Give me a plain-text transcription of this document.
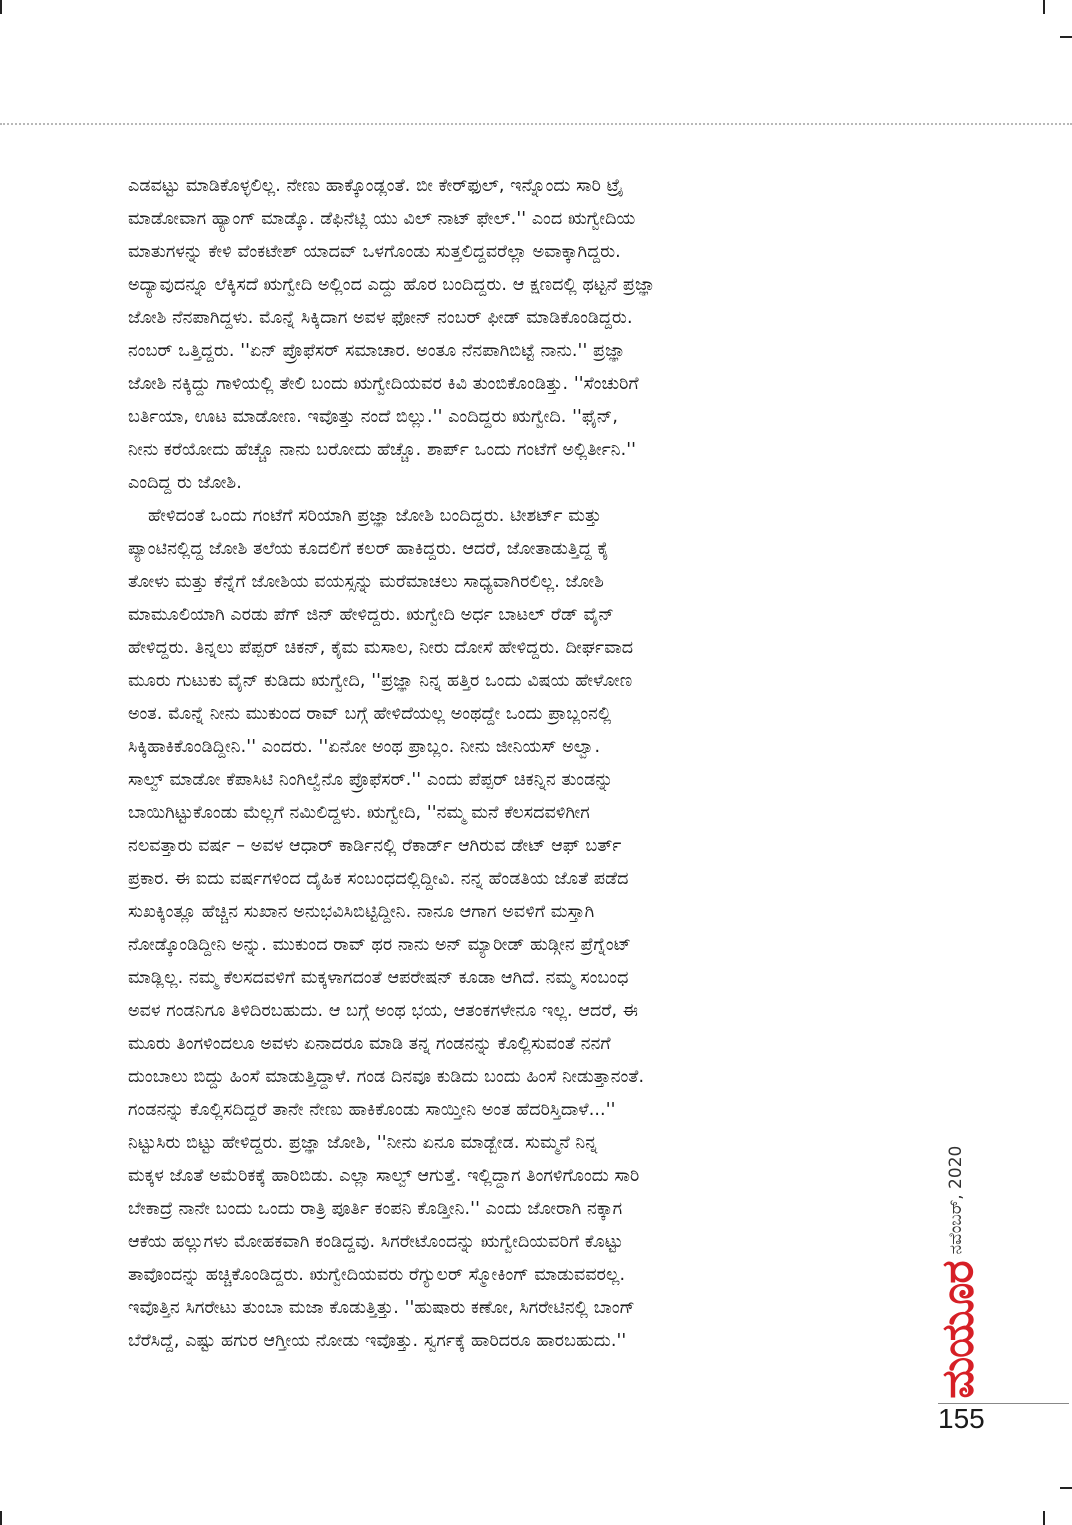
ಎಡವಟ್ಟು ಮಾಡಿಕೊಳ್ಳಲಿಲ್ಲ. ನೇಣು ಹಾಕ್ಕೊಂಡ್ಲಂತೆ. ಬೀ ಕೇರ್‌ಫುಲ್, ಇನ್ನೊಂದು ಸಾರಿ ಟ್ರೈ
ಮಾಡೋವಾಗ ಹ್ಯಾಂಗ್ ಮಾಡ್ಕೊ. ಡೆಫಿನೆಟ್ಲಿ ಯು ವಿಲ್ ನಾಟ್ ಫೇಲ್.'' ಎಂದ ಋಗ್ವೇದಿಯ
ಮಾತುಗಳನ್ನು ಕೇಳಿ ವೆಂಕಟೇಶ್ ಯಾದವ್ ಒಳಗೊಂಡು ಸುತ್ತಲಿದ್ದವರೆಲ್ಲಾ ಅವಾಕ್ಕಾಗಿದ್ದರು.
ಅದ್ಯಾವುದನ್ನೂ ಲೆಕ್ಕಿಸದೆ ಋಗ್ವೇದಿ ಅಲ್ಲಿಂದ ಎದ್ದು ಹೊರ ಬಂದಿದ್ದರು. ಆ ಕ್ಷಣದಲ್ಲಿ ಥಟ್ಟನೆ ಪ್ರಜ್ಞಾ
ಜೋಶಿ ನೆನಪಾಗಿದ್ದಳು. ಮೊನ್ನೆ ಸಿಕ್ಕಿದಾಗ ಅವಳ ಫೋನ್ ನಂಬರ್ ಫೀಡ್ ಮಾಡಿಕೊಂಡಿದ್ದರು.
ನಂಬರ್ ಒತ್ತಿದ್ದರು. ''ಏನ್ ಪ್ರೊಫೆಸರ್ ಸಮಾಚಾರ. ಅಂತೂ ನೆನಪಾಗಿಬಿಟ್ಟೆ ನಾನು.'' ಪ್ರಜ್ಞಾ
ಜೋಶಿ ನಕ್ಕಿದ್ದು ಗಾಳಿಯಲ್ಲಿ ತೇಲಿ ಬಂದು ಋಗ್ವೇದಿಯವರ ಕಿವಿ ತುಂಬಿಕೊಂಡಿತ್ತು. ''ಸೆಂಚುರಿಗೆ
ಬರ್ತಿಯಾ, ಊಟ ಮಾಡೋಣ. ಇವೊತ್ತು ನಂದೆ ಬಿಲ್ಲು.'' ಎಂದಿದ್ದರು ಋಗ್ವೇದಿ. ''ಫೈನ್,
ನೀನು ಕರೆಯೋದು ಹೆಚ್ಚೊ ನಾನು ಬರೋದು ಹೆಚ್ಚೊ. ಶಾರ್ಪ್ ಒಂದು ಗಂಟೆಗೆ ಅಲ್ಲಿರ್ತೀನಿ.''
ಎಂದಿದ್ದ ರು ಜೋಶಿ.
ಹೇಳಿದಂತೆ ಒಂದು ಗಂಟೆಗೆ ಸರಿಯಾಗಿ ಪ್ರಜ್ಞಾ ಜೋಶಿ ಬಂದಿದ್ದರು. ಟೀಶರ್ಟ್ ಮತ್ತು
ಪ್ಯಾಂಟಿನಲ್ಲಿದ್ದ ಜೋಶಿ ತಲೆಯ ಕೂದಲಿಗೆ ಕಲರ್ ಹಾಕಿದ್ದರು. ಆದರೆ, ಜೋತಾಡುತ್ತಿದ್ದ ಕೈ
ತೋಳು ಮತ್ತು ಕೆನ್ನೆಗೆ ಜೋಶಿಯ ವಯಸ್ಸನ್ನು ಮರೆಮಾಚಲು ಸಾಧ್ಯವಾಗಿರಲಿಲ್ಲ. ಜೋಶಿ
ಮಾಮೂಲಿಯಾಗಿ ಎರಡು ಪೆಗ್ ಜಿನ್ ಹೇಳಿದ್ದರು. ಋಗ್ವೇದಿ ಅರ್ಧ ಬಾಟಲ್ ರೆಡ್ ವೈನ್
ಹೇಳಿದ್ದರು. ತಿನ್ನಲು ಪೆಪ್ಪರ್ ಚಿಕನ್, ಕೈಮ ಮಸಾಲ, ನೀರು ದೋಸೆ ಹೇಳಿದ್ದರು. ದೀರ್ಘವಾದ
ಮೂರು ಗುಟುಕು ವೈನ್ ಕುಡಿದು ಋಗ್ವೇದಿ, ''ಪ್ರಜ್ಞಾ ನಿನ್ನ ಹತ್ತಿರ ಒಂದು ವಿಷಯ ಹೇಳೋಣ
ಅಂತ. ಮೊನ್ನೆ ನೀನು ಮುಕುಂದ ರಾವ್ ಬಗ್ಗೆ ಹೇಳಿದೆಯಲ್ಲ ಅಂಥದ್ದೇ ಒಂದು ಪ್ರಾಬ್ಲಂನಲ್ಲಿ
ಸಿಕ್ಕಿಹಾಕಿಕೊಂಡಿದ್ದೀನಿ.'' ಎಂದರು. ''ಏನೋ ಅಂಥ ಪ್ರಾಬ್ಲಂ. ನೀನು ಜೀನಿಯಸ್ ಅಲ್ವಾ.
ಸಾಲ್ವ್ ಮಾಡೋ ಕೆಪಾಸಿಟಿ ನಿಂಗಿಲ್ವೆನೊ ಪ್ರೊಫೆಸರ್.'' ಎಂದು ಪೆಪ್ಪರ್ ಚಿಕನ್ನಿನ ತುಂಡನ್ನು
ಬಾಯಿಗಿಟ್ಟುಕೊಂಡು ಮೆಲ್ಲಗೆ ನಮಿಲಿದ್ದಳು. ಋಗ್ವೇದಿ, ''ನಮ್ಮ ಮನೆ ಕೆಲಸದವಳಿಗೀಗ
ನಲವತ್ತಾರು ವರ್ಷ – ಅವಳ ಆಧಾರ್ ಕಾರ್ಡಿನಲ್ಲಿ ರೆಕಾರ್ಡ್ ಆಗಿರುವ ಡೇಟ್ ಆಫ್ ಬರ್ತ್
ಪ್ರಕಾರ. ಈ ಐದು ವರ್ಷಗಳಿಂದ ದೈಹಿಕ ಸಂಬಂಧದಲ್ಲಿದ್ದೀವಿ. ನನ್ನ ಹೆಂಡತಿಯ ಜೊತೆ ಪಡೆದ
ಸುಖಕ್ಕಿಂತ್ಲೂ ಹೆಚ್ಚಿನ ಸುಖಾನ ಅನುಭವಿಸಿಬಿಟ್ಟಿದ್ದೀನಿ. ನಾನೂ ಆಗಾಗ ಅವಳಿಗೆ ಮಸ್ತಾಗಿ
ನೋಡ್ಕೊಂಡಿದ್ದೀನಿ ಅನ್ನು. ಮುಕುಂದ ರಾವ್ ಥರ ನಾನು ಅನ್ ಮ್ಯಾರೀಡ್ ಹುಡ್ಗೀನ ಪ್ರೆಗ್ನೆಂಟ್
ಮಾಡ್ಲಿಲ್ಲ. ನಮ್ಮ ಕೆಲಸದವಳಿಗೆ ಮಕ್ಕಳಾಗದಂತೆ ಆಪರೇಷನ್ ಕೂಡಾ ಆಗಿದೆ. ನಮ್ಮ ಸಂಬಂಧ
ಅವಳ ಗಂಡನಿಗೂ ತಿಳಿದಿರಬಹುದು. ಆ ಬಗ್ಗೆ ಅಂಥ ಭಯ, ಆತಂಕಗಳೇನೂ ಇಲ್ಲ. ಆದರೆ, ಈ
ಮೂರು ತಿಂಗಳಿಂದಲೂ ಅವಳು ಏನಾದರೂ ಮಾಡಿ ತನ್ನ ಗಂಡನನ್ನು ಕೊಲ್ಲಿಸುವಂತೆ ನನಗೆ
ದುಂಬಾಲು ಬಿದ್ದು ಹಿಂಸೆ ಮಾಡುತ್ತಿದ್ದಾಳೆ. ಗಂಡ ದಿನವೂ ಕುಡಿದು ಬಂದು ಹಿಂಸೆ ನೀಡುತ್ತಾನಂತೆ.
ಗಂಡನನ್ನು ಕೊಲ್ಲಿಸದಿದ್ದರೆ ತಾನೇ ನೇಣು ಹಾಕಿಕೊಂಡು ಸಾಯ್ತೀನಿ ಅಂತ ಹೆದರಿಸ್ತಿದಾಳೆ...''
ನಿಟ್ಟುಸಿರು ಬಿಟ್ಟು ಹೇಳಿದ್ದರು. ಪ್ರಜ್ಞಾ ಜೋಶಿ, ''ನೀನು ಏನೂ ಮಾಡ್ಬೇಡ. ಸುಮ್ಮನೆ ನಿನ್ನ
ಮಕ್ಕಳ ಜೊತೆ ಅಮೆರಿಕಕ್ಕೆ ಹಾರಿಬಿಡು. ಎಲ್ಲಾ ಸಾಲ್ವ್ ಆಗುತ್ತೆ. ಇಲ್ಲಿದ್ದಾಗ ತಿಂಗಳಿಗೊಂದು ಸಾರಿ
ಬೇಕಾದ್ರೆ ನಾನೇ ಬಂದು ಒಂದು ರಾತ್ರಿ ಪೂರ್ತಿ ಕಂಪನಿ ಕೊಡ್ತೀನಿ.'' ಎಂದು ಜೋರಾಗಿ ನಕ್ಕಾಗ
ಆಕೆಯ ಹಲ್ಲುಗಳು ಮೋಹಕವಾಗಿ ಕಂಡಿದ್ದವು. ಸಿಗರೇಟೊಂದನ್ನು ಋಗ್ವೇದಿಯವರಿಗೆ ಕೊಟ್ಟು
ತಾವೊಂದನ್ನು ಹಚ್ಚಿಕೊಂಡಿದ್ದರು. ಋಗ್ವೇದಿಯವರು ರೆಗ್ಯುಲರ್ ಸ್ಮೋಕಿಂಗ್ ಮಾಡುವವರಲ್ಲ.
ಇವೊತ್ತಿನ ಸಿಗರೇಟು ತುಂಬಾ ಮಜಾ ಕೊಡುತ್ತಿತ್ತು. ''ಹುಷಾರು ಕಣೋ, ಸಿಗರೇಟಿನಲ್ಲಿ ಬಾಂಗ್
ಬೆರೆಸಿದ್ದೆ, ಎಷ್ಟು ಹಗುರ ಆಗ್ತೀಯ ನೋಡು ಇವೊತ್ತು. ಸ್ವರ್ಗಕ್ಕೆ ಹಾರಿದರೂ ಹಾರಬಹುದು.''
ನವೆಂಬರ್, 2020
ಮಯೂರ
155
